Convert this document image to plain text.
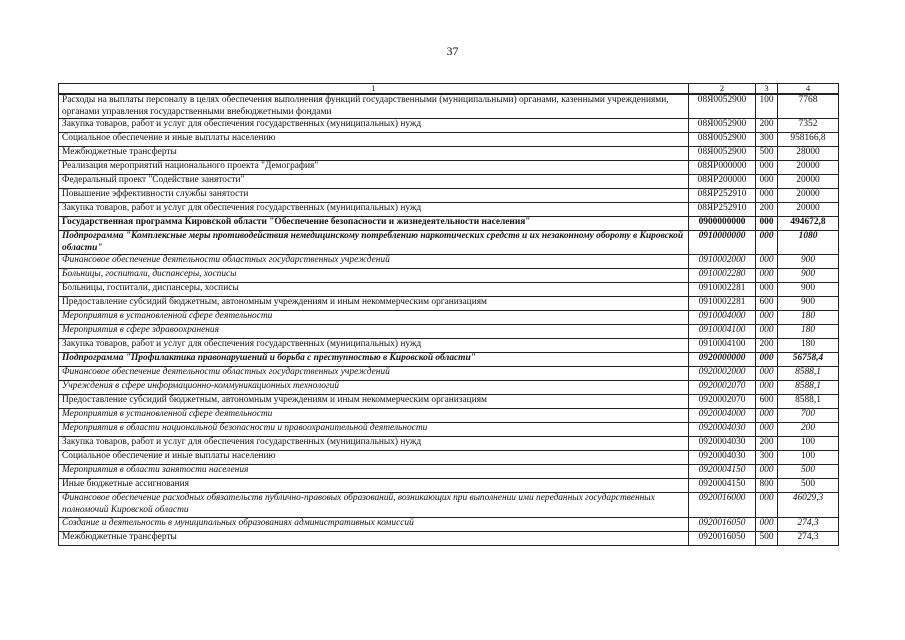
37
1	2	3	4
Расходы на выплаты персоналу в целях обеспечения выполнения функций государственными (муниципальными) органами, казенными учреждениями, органами управления государственными внебюджетными фондами	08Я0052900	100	7768
Закупка товаров, работ и услуг для обеспечения государственных (муниципальных) нужд	08Я0052900	200	7352
Социальное обеспечение и иные выплаты населению	08Я0052900	300	958166,8
Межбюджетные трансферты	08Я0052900	500	28000
Реализация мероприятий национального проекта "Демография"	08ЯР000000	000	20000
Федеральный проект "Содействие занятости"	08ЯР200000	000	20000
Повышение эффективности службы занятости	08ЯР252910	000	20000
Закупка товаров, работ и услуг для обеспечения государственных (муниципальных) нужд	08ЯР252910	200	20000
Государственная программа Кировской области "Обеспечение безопасности и жизнедеятельности населения"	0900000000	000	494672,8
Подпрограмма "Комплексные меры противодействия немедицинскому потреблению наркотических средств и их незаконному обороту в Кировской области"	0910000000	000	1080
Финансовое обеспечение деятельности областных государственных учреждений	0910002000	000	900
Больницы, госпитали, диспансеры, хосписы	0910002280	000	900
Больницы, госпитали, диспансеры, хосписы	0910002281	000	900
Предоставление субсидий бюджетным, автономным учреждениям и иным некоммерческим организациям	0910002281	600	900
Мероприятия в установленной сфере деятельности	0910004000	000	180
Мероприятия в сфере здравоохранения	0910004100	000	180
Закупка товаров, работ и услуг для обеспечения государственных (муниципальных) нужд	0910004100	200	180
Подпрограмма "Профилактика правонарушений и борьба с преступностью в Кировской области"	0920000000	000	56758,4
Финансовое обеспечение деятельности областных государственных учреждений	0920002000	000	8588,1
Учреждения в сфере информационно-коммуникационных технологий	0920002070	000	8588,1
Предоставление субсидий бюджетным, автономным учреждениям и иным некоммерческим организациям	0920002070	600	8588,1
Мероприятия в установленной сфере деятельности	0920004000	000	700
Мероприятия в области национальной безопасности и правоохранительной деятельности	0920004030	000	200
Закупка товаров, работ и услуг для обеспечения государственных (муниципальных) нужд	0920004030	200	100
Социальное обеспечение и иные выплаты населению	0920004030	300	100
Мероприятия в области занятости населения	0920004150	000	500
Иные бюджетные ассигнования	0920004150	800	500
Финансовое обеспечение расходных обязательств публично-правовых образований, возникающих при выполнении ими переданных государственных полномочий Кировской области	0920016000	000	46029,3
Создание и деятельность в муниципальных образованиях административных комиссий	0920016050	000	274,3
Межбюджетные трансферты	0920016050	500	274,3
